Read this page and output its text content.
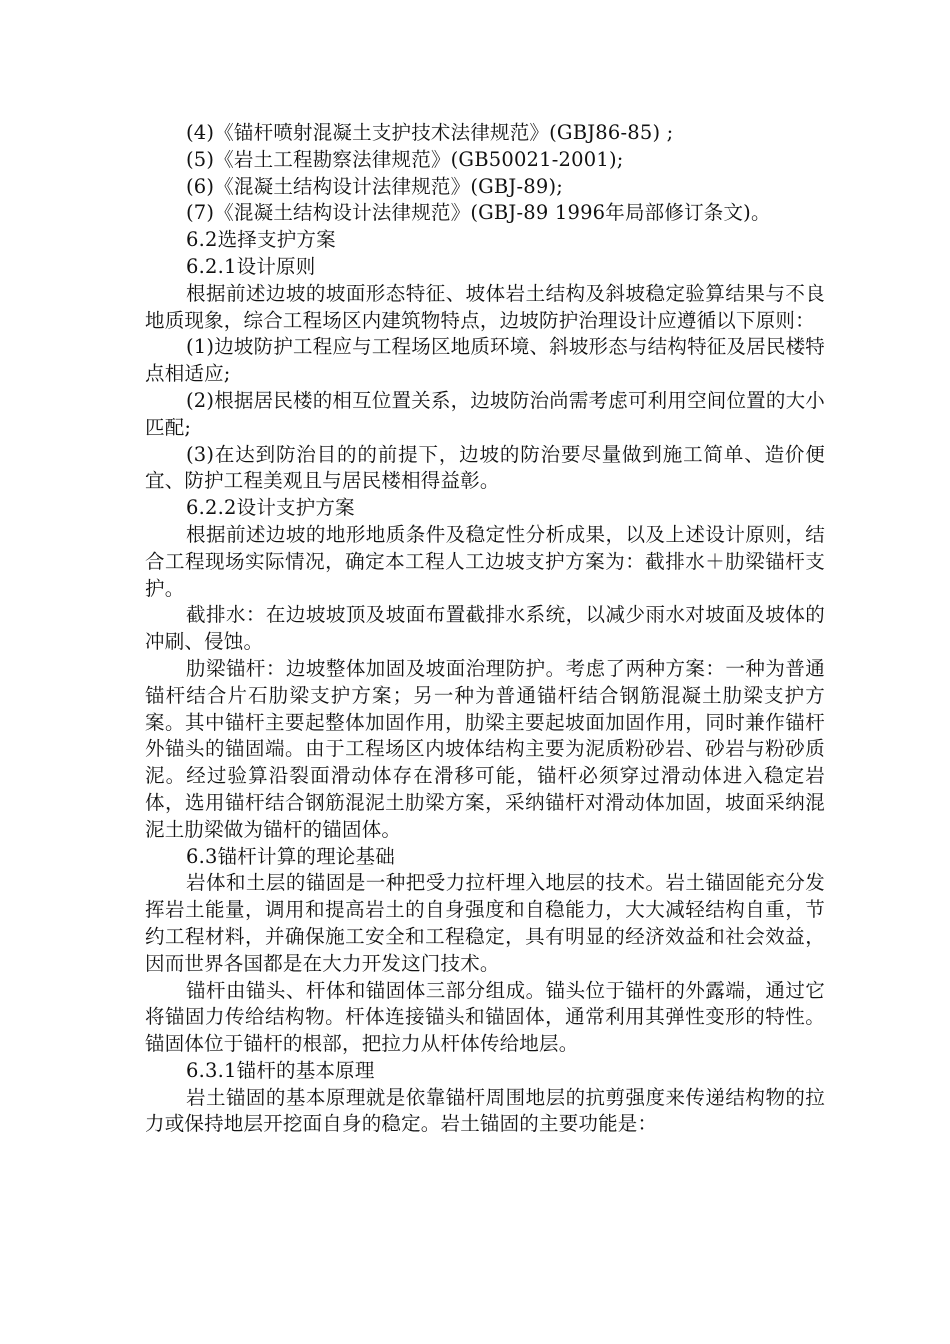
(4)《锚杆喷射混凝土支护技术法律规范》(GBJ86-85) ;

(5)《岩土工程勘察法律规范》(GB50021-2001);

(6)《混凝土结构设计法律规范》(GBJ-89);

(7)《混凝土结构设计法律规范》(GBJ-89 1996年局部修订条文)。

6.2选择支护方案

6.2.1设计原则

根据前述边坡的坡面形态特征、坡体岩土结构及斜坡稳定验算结果与不良地质现象，综合工程场区内建筑物特点，边坡防护治理设计应遵循以下原则：

(1)边坡防护工程应与工程场区地质环境、斜坡形态与结构特征及居民楼特点相适应;

(2)根据居民楼的相互位置关系，边坡防治尚需考虑可利用空间位置的大小匹配;

(3)在达到防治目的的前提下，边坡的防治要尽量做到施工简单、造价便宜、防护工程美观且与居民楼相得益彰。

6.2.2设计支护方案

根据前述边坡的地形地质条件及稳定性分析成果，以及上述设计原则，结合工程现场实际情况，确定本工程人工边坡支护方案为：截排水＋肋梁锚杆支护。

截排水：在边坡坡顶及坡面布置截排水系统，以减少雨水对坡面及坡体的冲刷、侵蚀。

肋梁锚杆：边坡整体加固及坡面治理防护。考虑了两种方案：一种为普通锚杆结合片石肋梁支护方案；另一种为普通锚杆结合钢筋混凝土肋梁支护方案。其中锚杆主要起整体加固作用，肋梁主要起坡面加固作用，同时兼作锚杆外锚头的锚固端。由于工程场区内坡体结构主要为泥质粉砂岩、砂岩与粉砂质泥。经过验算沿裂面滑动体存在滑移可能，锚杆必须穿过滑动体进入稳定岩体，选用锚杆结合钢筋混泥土肋梁方案，采纳锚杆对滑动体加固，坡面采纳混泥土肋梁做为锚杆的锚固体。

6.3锚杆计算的理论基础

岩体和土层的锚固是一种把受力拉杆埋入地层的技术。岩土锚固能充分发挥岩土能量，调用和提高岩土的自身强度和自稳能力，大大减轻结构自重，节约工程材料，并确保施工安全和工程稳定，具有明显的经济效益和社会效益，因而世界各国都是在大力开发这门技术。

锚杆由锚头、杆体和锚固体三部分组成。锚头位于锚杆的外露端，通过它将锚固力传给结构物。杆体连接锚头和锚固体，通常利用其弹性变形的特性。锚固体位于锚杆的根部，把拉力从杆体传给地层。

6.3.1锚杆的基本原理

岩土锚固的基本原理就是依靠锚杆周围地层的抗剪强度来传递结构物的拉力或保持地层开挖面自身的稳定。岩土锚固的主要功能是：
